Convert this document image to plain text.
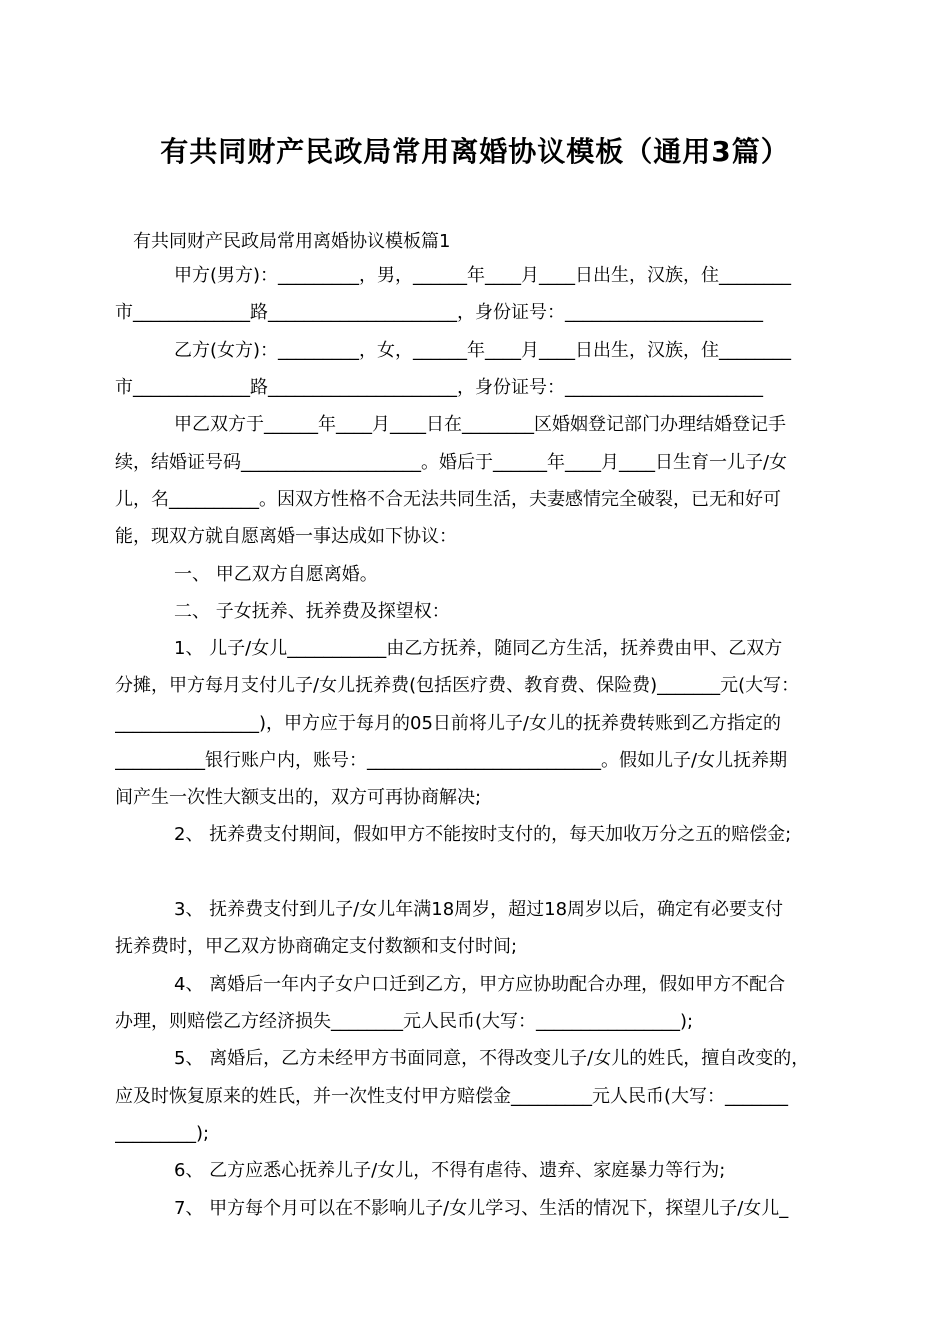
有共同财产民政局常用离婚协议模板（通用3篇）
有共同财产民政局常用离婚协议模板篇1
甲方(男方)：_________，男，______年____月____日出生，汉族，住________
市_____________路_____________________，身份证号：______________________
乙方(女方)：_________，女，______年____月____日出生，汉族，住________
市_____________路_____________________，身份证号：______________________
甲乙双方于______年____月____日在________区婚姻登记部门办理结婚登记手
续，结婚证号码____________________。婚后于______年____月____日生育一儿子/女
儿，名__________。因双方性格不合无法共同生活，夫妻感情完全破裂，已无和好可
能，现双方就自愿离婚一事达成如下协议：
一、 甲乙双方自愿离婚。
二、 子女抚养、抚养费及探望权：
1、 儿子/女儿___________由乙方抚养，随同乙方生活，抚养费由甲、乙双方
分摊，甲方每月支付儿子/女儿抚养费(包括医疗费、教育费、保险费)_______元(大写：
________________)，甲方应于每月的05日前将儿子/女儿的抚养费转账到乙方指定的
__________银行账户内，账号：__________________________。假如儿子/女儿抚养期
间产生一次性大额支出的，双方可再协商解决;
2、 抚养费支付期间，假如甲方不能按时支付的，每天加收万分之五的赔偿金;
3、 抚养费支付到儿子/女儿年满18周岁，超过18周岁以后，确定有必要支付
抚养费时，甲乙双方协商确定支付数额和支付时间;
4、 离婚后一年内子女户口迁到乙方，甲方应协助配合办理，假如甲方不配合
办理，则赔偿乙方经济损失________元人民币(大写：________________);
5、 离婚后，乙方未经甲方书面同意，不得改变儿子/女儿的姓氏，擅自改变的，
应及时恢复原来的姓氏，并一次性支付甲方赔偿金_________元人民币(大写：_______
_________);
6、 乙方应悉心抚养儿子/女儿，不得有虐待、遗弃、家庭暴力等行为;
7、 甲方每个月可以在不影响儿子/女儿学习、生活的情况下，探望儿子/女儿_
